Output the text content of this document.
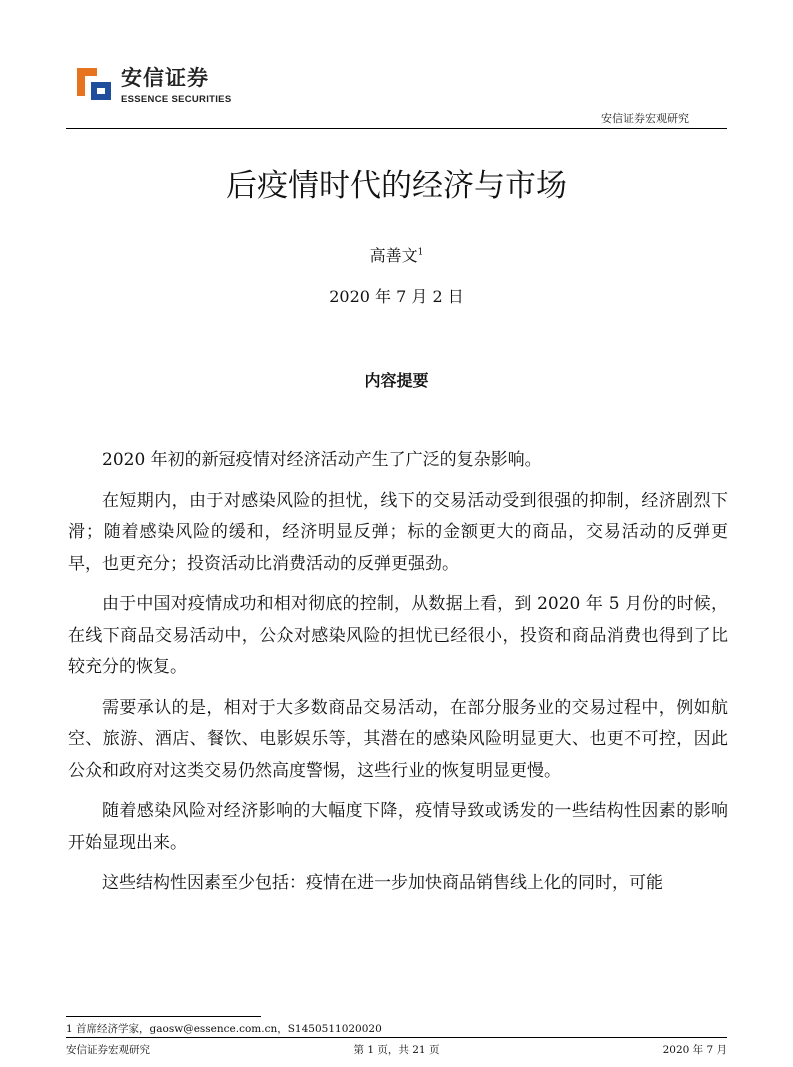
安信证券
ESSENCE SECURITIES
安信证券宏观研究
后疫情时代的经济与市场
高善文$^1$
2020 年 7 月 2 日
内容提要

2020 年初的新冠疫情对经济活动产生了广泛的复杂影响。

在短期内，由于对感染风险的担忧，线下的交易活动受到很强的抑制，经济剧烈下滑；随着感染风险的缓和，经济明显反弹；标的金额更大的商品，交易活动的反弹更早，也更充分；投资活动比消费活动的反弹更强劲。

由于中国对疫情成功和相对彻底的控制，从数据上看，到 2020 年 5 月份的时候，在线下商品交易活动中，公众对感染风险的担忧已经很小，投资和商品消费也得到了比较充分的恢复。

需要承认的是，相对于大多数商品交易活动，在部分服务业的交易过程中，例如航空、旅游、酒店、餐饮、电影娱乐等，其潜在的感染风险明显更大、也更不可控，因此公众和政府对这类交易仍然高度警惕，这些行业的恢复明显更慢。

随着感染风险对经济影响的大幅度下降，疫情导致或诱发的一些结构性因素的影响开始显现出来。

这些结构性因素至少包括：疫情在进一步加快商品销售线上化的同时，可能

1 首席经济学家，gaosw@essence.com.cn，S1450511020020
安信证券宏观研究	第 1 页，共 21 页	2020 年 7 月
